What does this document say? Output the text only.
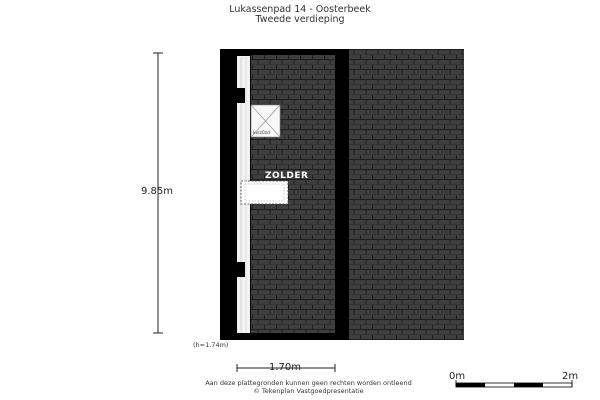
Lukassenpad 14 - Oosterbeek
Tweede verdieping
kvlz0zd
ZOLDER
9.85m
1.70m
(h=1.74m)
0m	2m
Aan deze plattegronden kunnen geen rechten worden ontleend
© Tekenplan Vastgoedpresentatie
